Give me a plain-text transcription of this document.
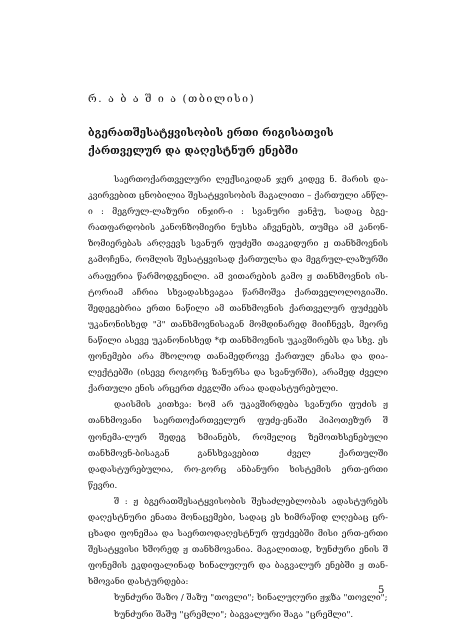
რ. ა ბ ა შ ი ა (თბილისი)
ბგერათშესატყვისობის ერთი რიგისათვის
ქართველურ და დაღესტნურ ენებში

საერთოქართველური ლექსიკიდან ჯერ კიდევ ნ. მარის და-კვირვებით ცნობილია შესატყვისობის მაგალითი – ქართული ანწლ-ი : მეგრულ-ლაზური ინჯირ-ი : სვანური ჟანჭუ, სადაც ბგე-რათფარდობის კანონზომიერი ნუსხა აჩვენებს, თუმცა ამ კანონ-ზომიერებას არღვევს სვანურ ფუძეში თავკიდური ჟ თანხმოვნის გამოჩენა, რომლის შესატყვისად ქართულსა და მეგრულ-ლაზურში არაფერია წარმოდგენილი. ამ ვითარების გამო ჟ თანხმოვნის ის-ტორიამ აჩრია სხვადასხვაგაა წარმოშვა ქართველოლოგიაში. შედეგებრია ერთი ნაწილი ამ თანხმოვნის ქართველურ ფუძეებს უკანონისხედ "ჰ" თანხმოვნისაგან მომდინარედ მიიჩნევს, მეორე ნაწილი ასევე უკანონისხედ *ჶ თანხმოვნის უკავშირებს და სხვ. ეს ფონემები არა მხოლოდ თანამედროვე ქართულ ენასა და დია-ლექტებში (ისევე როგორც ზანურსა და სვანურში), არამედ ძველი ქართული ენის არცერთ ძეგლში არაა დადასტურებული.

დაისმის კითხვა: ხომ არ უკავშირდება სვანური ფუძის ჟ თანხმოვანი საერთოქართველურ ფუძე-ენაში ჰიპოთეზურ შ ფონემა-ლურ შედეგ ხმიანებს, რომელიც ზემოთხსენებული თანხმოვნ-ბისაგან განსხვავებით ძველ ქართულში დადასტურებულია, რო-გორც ანბანური ხისტემის ერთ-ერთი წევრი.

შ : ჟ ბგერათშესატყვისობის შესაძლებლობას ადასტურებს დაღესტნური ენათა მონაცემები, სადაც ეს ხიმრაწიდ ლღებაც ცრ-ცხადი ფონემაა და საერთოდაღესტნურ ფუძეებში მისი ერთ-ერთი შესატყვისი ხშორედ ჟ თანხმოვანია. მაგალითად, ხუნძური ენის შ ფონემის ეკდიფალინად ხინალუღურ და ბაგვალურ ენებში ჟ თან-ხმოვანი დასტურდება:

ხუნძური შაზო / შაზუ "თოვლი"; ხინალუღური ჟჯზა "თოვლი";

ხუნძური შაშუ "ცრემლი"; ბაგვალური შაგა "ცრემლი".

5
